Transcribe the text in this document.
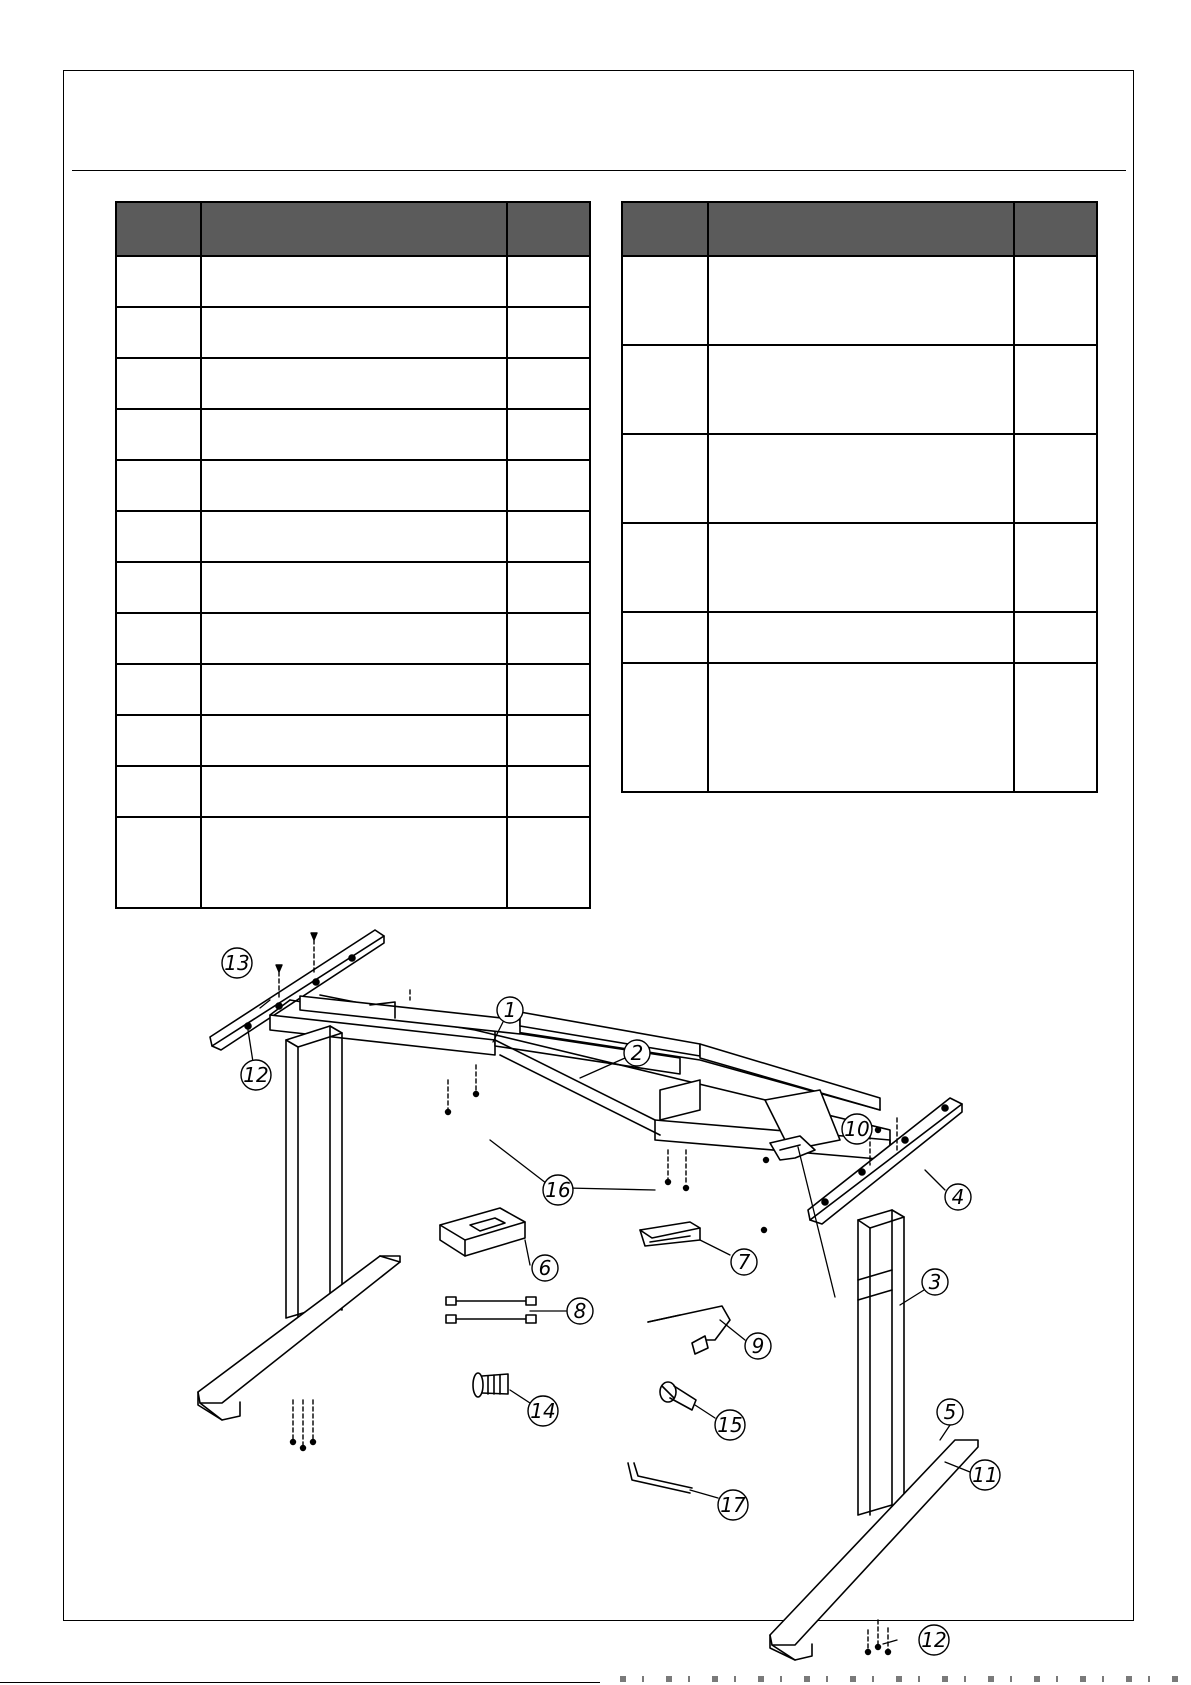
1
2
3
4
5
6	7
8
9
10
11
12
12
13
14
15
16
17
